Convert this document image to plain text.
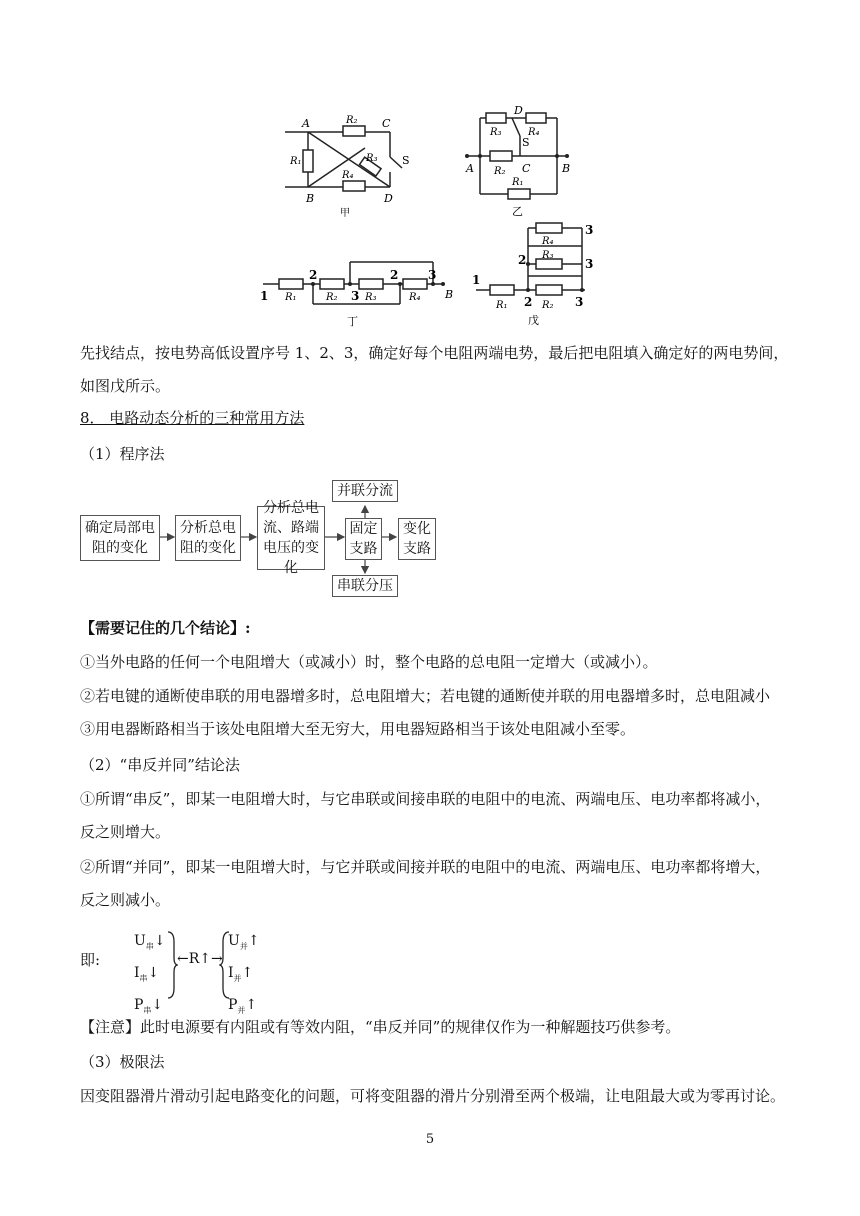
A	C
B	D
R₁
R₂
R₃
R₄
S
甲
D
C
A	B
R₃	R₄
S
R₂
R₁
乙
1
2
3
2 3
B
R₁	R₂	R₃	R₄
丁
1
2
2
3
3
3
R₄
R₃
R₁	R₂
戊
先找结点，按电势高低设置序号 1、2、3，确定好每个电阻两端电势，最后把电阻填入确定好的两电势间，
如图戊所示。
8． 电路动态分析的三种常用方法
（1）程序法
确定局部电阻的变化
分析总电阻的变化
分析总电流、路端电压的变化
固定支路
变化支路
并联分流
串联分压
【需要记住的几个结论】:
①当外电路的任何一个电阻增大（或减小）时，整个电路的总电阻一定增大（或减小）。
②若电键的通断使串联的用电器增多时，总电阻增大；若电键的通断使并联的用电器增多时，总电阻减小
③用电器断路相当于该处电阻增大至无穷大，用电器短路相当于该处电阻减小至零。
（2）“串反并同”结论法
①所谓“串反”，即某一电阻增大时，与它串联或间接串联的电阻中的电流、两端电压、电功率都将减小，
反之则增大。
②所谓“并同”，即某一电阻增大时，与它并联或间接并联的电阻中的电流、两端电压、电功率都将增大，
反之则减小。
即:
$U_串↓$
$I_串↓$
$P_串↓$
←R↑→
$U_并↑$
$I_并↑$
$P_并↑$
【注意】此时电源要有内阻或有等效内阻，“串反并同”的规律仅作为一种解题技巧供参考。
（3）极限法
因变阻器滑片滑动引起电路变化的问题，可将变阻器的滑片分别滑至两个极端，让电阻最大或为零再讨论。
5
